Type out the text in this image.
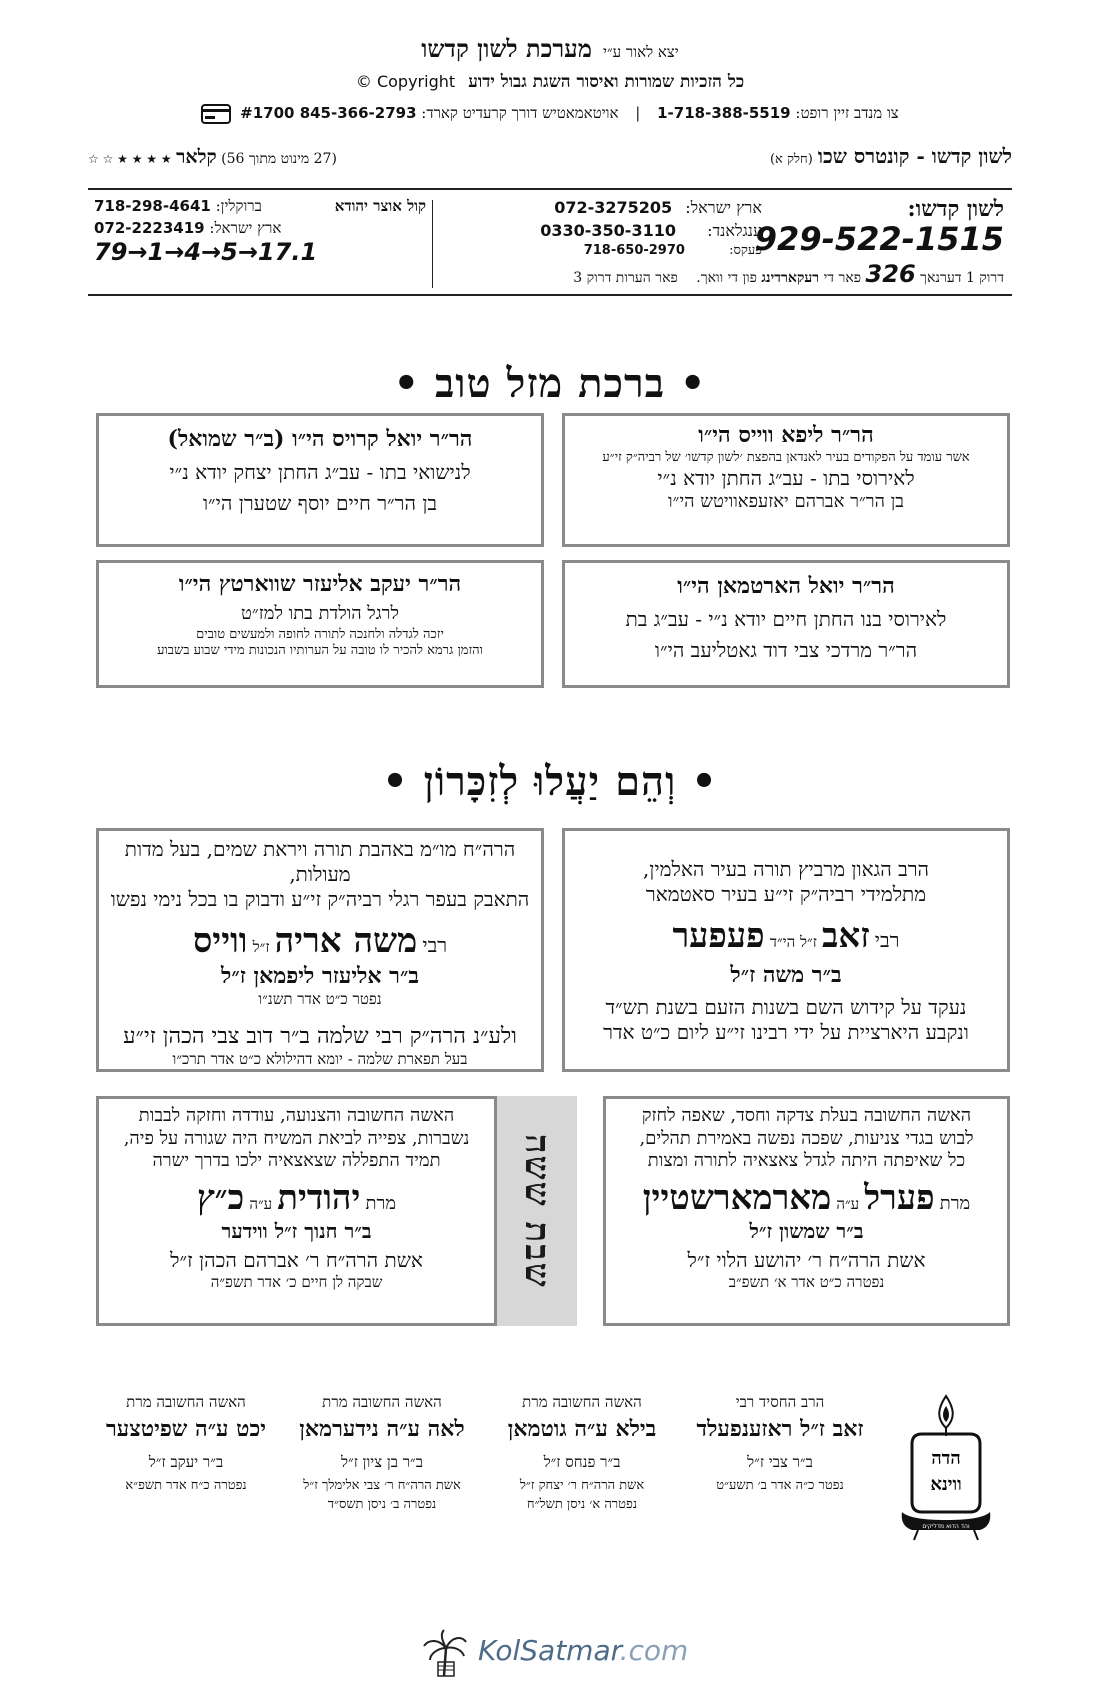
יצא לאור ע״י מערכת לשון קדשו
כל הזכיות שמורות ואיסור השגת גבול ידוע Copyright ©
צו מנדב זיין רופט: 1-718-388-5519 | אויטאמאטיש דורך קרעדיט קארד: 845-366-2793 #1700
לשון קדשו - קונטרס שכו (חלק א)
(27 מינוט מתוך 56) קלאר ★ ★ ★ ★ ☆ ☆
לשון קדשו:
929-522-1515
ארץ ישראל: 072-3275205
ענגלאנד: 0330-350-3110
פעקס: 718-650-2970
דרוק 1 דערנאך 326 פאר די רעקארדינג פון די וואך. פאר הערות דרוק 3
קול אוצר יהודא
ברוקלין: 718-298-4641
ארץ ישראל: 072-2223419
79→1→4→5→17.1
• ברכת מזל טוב •
הר״ר ליפא ווייס הי״ו
אשר עומד על הפקודים בעיר לאנדאן בהפצת ׳לשון קדשו׳ של רביה״ק זי״ע
לאירוסי בתו - עב״ג החתן יודא נ״י
בן הר״ר אברהם יאזעפאוויטש הי״ו
הר״ר יואל קרויס הי״ו (ב״ר שמואל)
לנישואי בתו - עב״ג החתן יצחק יודא נ״י
בן הר״ר חיים יוסף שטערן הי״ו
הר״ר יואל הארטמאן הי״ו
לאירוסי בנו החתן חיים יודא נ״י - עב״ג בת
הר״ר מרדכי צבי דוד גאטליעב הי״ו
הר״ר יעקב אליעזר שווארטץ הי״ו
לרגל הולדת בתו למז״ט
יזכה לגדלה ולחנכה לתורה לחופה ולמעשים טובים
והזמן גרמא להכיר לו טובה על הערותיו הנכונות מידי שבוע בשבוע
• וְהֵם יַעֲלוּ לְזִכָּרוֹן •
הרב הגאון מרביץ תורה בעיר האלמין,
מתלמידי רביה״ק זי״ע בעיר סאטמאר
רבי זאב ז״ל הי״ד פעפער
ב״ר משה ז״ל
נעקד על קידוש השם בשנות הזעם בשנת תש״ד
ונקבע היארציית על ידי רבינו זי״ע ליום כ״ט אדר
הרה״ח מו״מ באהבת תורה ויראת שמים, בעל מדות מעולות,
התאבק בעפר רגלי רביה״ק זי״ע ודבוק בו בכל נימי נפשו
רבי משה אריה ז״ל ווייס
ב״ר אליעזר ליפמאן ז״ל
נפטר כ״ט אדר תשנ״ו
ולע״נ הרה״ק רבי שלמה ב״ר דוב צבי הכהן זי״ע
בעל תפארת שלמה - יומא דהילולא כ״ט אדר תרכ״ו
האשה החשובה בעלת צדקה וחסד, שאפה לחזק
לבוש בגדי צניעות, שפכה נפשה באמירת תהלים,
כל שאיפתה היתה לגדל צאצאיה לתורה ומצות
מרת פערל ע״ה מארמארשטיין
ב״ר שמשון ז״ל
אשת הרה״ח ר׳ יהושע הלוי ז״ל
נפטרה כ״ט אדר א׳ תשפ״ב
שבת ששה
האשה החשובה והצנועה, עודדה וחזקה לבבות
נשברות, צפייה לביאת המשיח היה שגורה על פיה,
תמיד התפללה שצאצאיה ילכו בדרך ישרה
מרת יהודית ע״ה כ״ץ
ב״ר חנוך ז״ל ווידער
אשת הרה״ח ר׳ אברהם הכהן ז״ל
שבקה לן חיים כ׳ אדר תשפ״ה
הרב החסיד רבי
זאב ז״ל ראזענפעלד
ב״ר צבי ז״ל
נפטר כ״ה אדר ב׳ תשע״ט
האשה החשובה מרת
בילא ע״ה גוטמאן
ב״ר פנחס ז״ל
אשת הרה״ח ר׳ יצחק ז״ל
נפטרה א׳ ניסן תשל״ח
האשה החשובה מרת
לאה ע״ה נידערמאן
ב״ר בן ציון ז״ל
אשת הרה״ח ר׳ צבי אלימלך ז״ל
נפטרה ב׳ ניסן תשס״ד
האשה החשובה מרת
יכט ע״ה שפיטצער
ב״ר יעקב ז״ל
נפטרה כ״ח אדר תשפ״א
הדה
ווינא
והד הדוא מדליקים
KolSatmar.com
